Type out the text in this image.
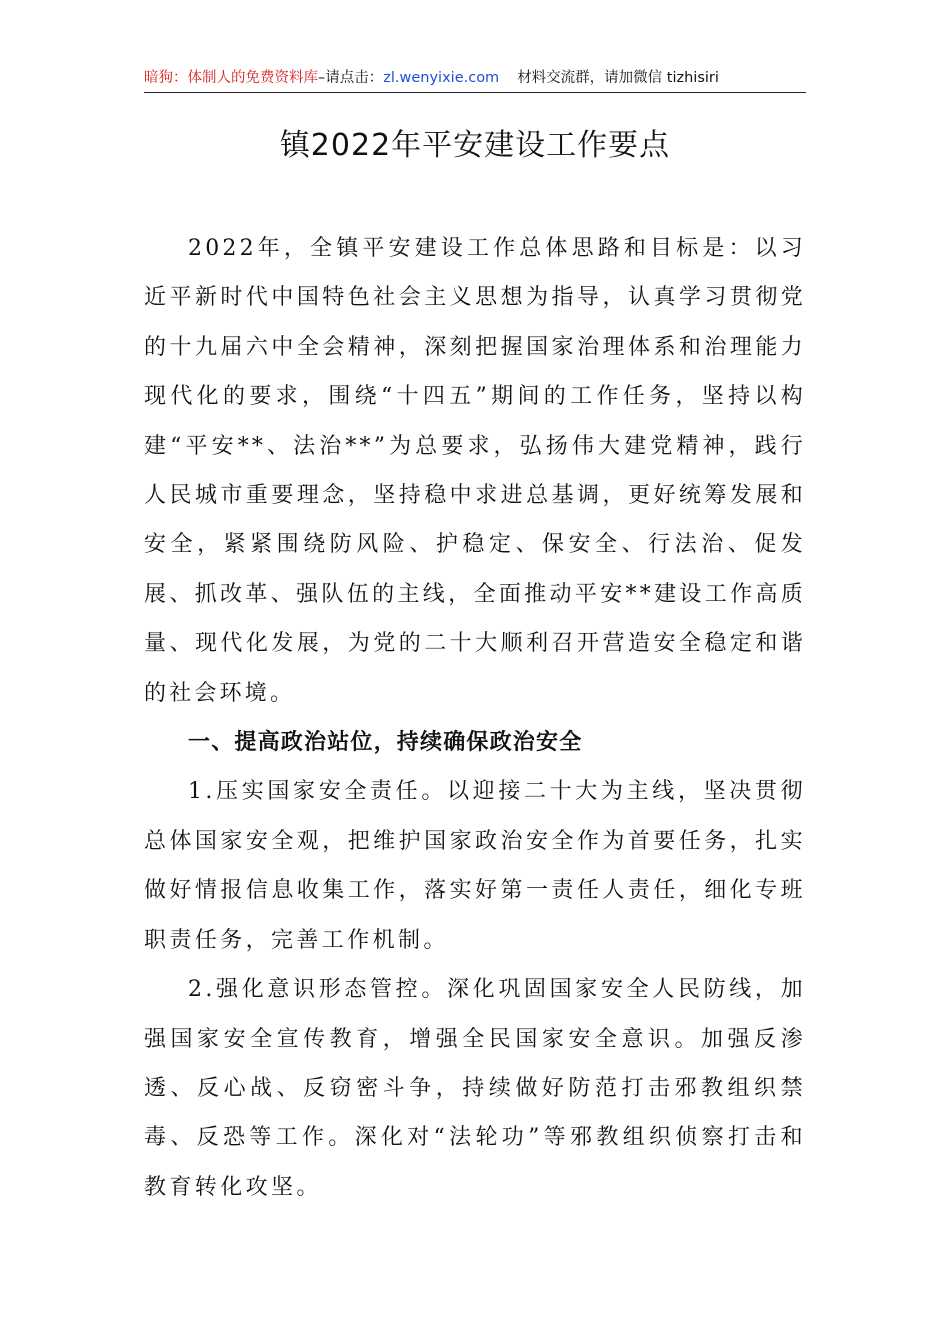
暗狗：体制人的免费资料库–请点击：zl.wenyixie.com 材料交流群，请加微信 tizhisiri
镇2022年平安建设工作要点

2022年，全镇平安建设工作总体思路和目标是：以习近平新时代中国特色社会主义思想为指导，认真学习贯彻党的十九届六中全会精神，深刻把握国家治理体系和治理能力现代化的要求，围绕“十四五”期间的工作任务，坚持以构建“平安**、法治**”为总要求，弘扬伟大建党精神，践行人民城市重要理念，坚持稳中求进总基调，更好统筹发展和安全，紧紧围绕防风险、护稳定、保安全、行法治、促发展、抓改革、强队伍的主线，全面推动平安**建设工作高质量、现代化发展，为党的二十大顺利召开营造安全稳定和谐的社会环境。

一、提高政治站位，持续确保政治安全

1.压实国家安全责任。以迎接二十大为主线，坚决贯彻总体国家安全观，把维护国家政治安全作为首要任务，扎实做好情报信息收集工作，落实好第一责任人责任，细化专班职责任务，完善工作机制。

2.强化意识形态管控。深化巩固国家安全人民防线，加强国家安全宣传教育，增强全民国家安全意识。加强反渗透、反心战、反窃密斗争，持续做好防范打击邪教组织禁毒、反恐等工作。深化对“法轮功”等邪教组织侦察打击和教育转化攻坚。
